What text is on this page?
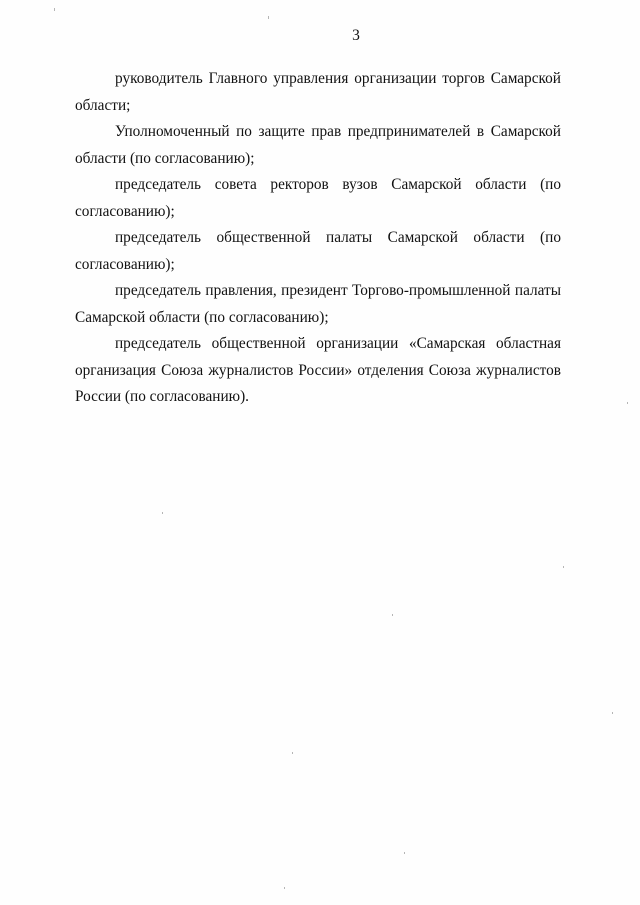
3

руководитель Главного управления организации торгов Самарской области;

Уполномоченный по защите прав предпринимателей в Самарской области (по согласованию);

председатель совета ректоров вузов Самарской области (по согласованию);

председатель общественной палаты Самарской области (по согласованию);

председатель правления, президент Торгово-промышленной палаты Самарской области (по согласованию);

председатель общественной организации «Самарская областная организация Союза журналистов России» отделения Союза журналистов России (по согласованию).
